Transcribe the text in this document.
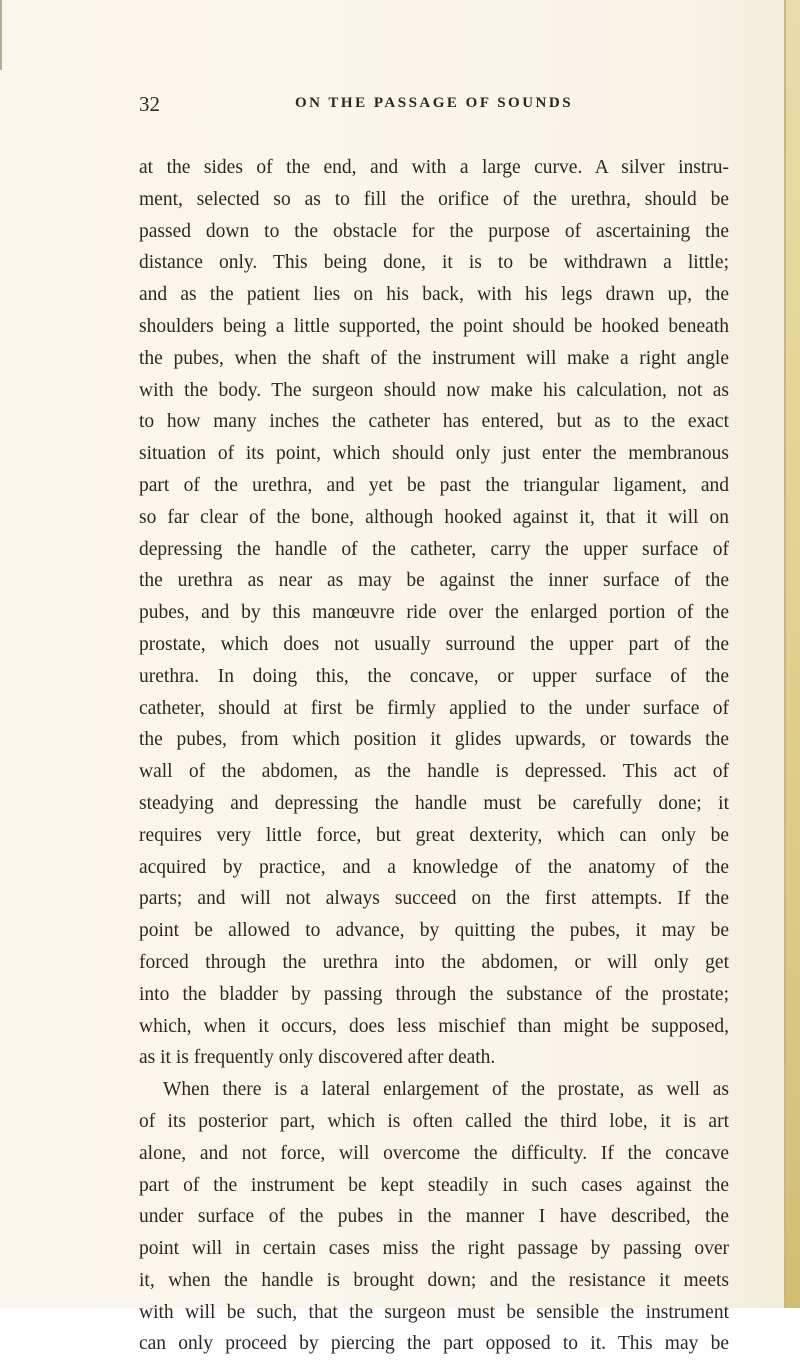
32	ON THE PASSAGE OF SOUNDS
at the sides of the end, and with a large curve. A silver instru-
ment, selected so as to fill the orifice of the urethra, should be
passed down to the obstacle for the purpose of ascertaining the
distance only. This being done, it is to be withdrawn a little;
and as the patient lies on his back, with his legs drawn up, the
shoulders being a little supported, the point should be hooked beneath
the pubes, when the shaft of the instrument will make a right angle
with the body. The surgeon should now make his calculation, not as
to how many inches the catheter has entered, but as to the exact
situation of its point, which should only just enter the membranous
part of the urethra, and yet be past the triangular ligament, and
so far clear of the bone, although hooked against it, that it will on
depressing the handle of the catheter, carry the upper surface of
the urethra as near as may be against the inner surface of the
pubes, and by this manœuvre ride over the enlarged portion of the
prostate, which does not usually surround the upper part of the
urethra. In doing this, the concave, or upper surface of the
catheter, should at first be firmly applied to the under surface of
the pubes, from which position it glides upwards, or towards the
wall of the abdomen, as the handle is depressed. This act of
steadying and depressing the handle must be carefully done; it
requires very little force, but great dexterity, which can only be
acquired by practice, and a knowledge of the anatomy of the
parts; and will not always succeed on the first attempts. If the
point be allowed to advance, by quitting the pubes, it may be
forced through the urethra into the abdomen, or will only get
into the bladder by passing through the substance of the prostate;
which, when it occurs, does less mischief than might be supposed,
as it is frequently only discovered after death.
When there is a lateral enlargement of the prostate, as well as
of its posterior part, which is often called the third lobe, it is art
alone, and not force, will overcome the difficulty. If the concave
part of the instrument be kept steadily in such cases against the
under surface of the pubes in the manner I have described, the
point will in certain cases miss the right passage by passing over
it, when the handle is brought down; and the resistance it meets
with will be such, that the surgeon must be sensible the instrument
can only proceed by piercing the part opposed to it. This may be
